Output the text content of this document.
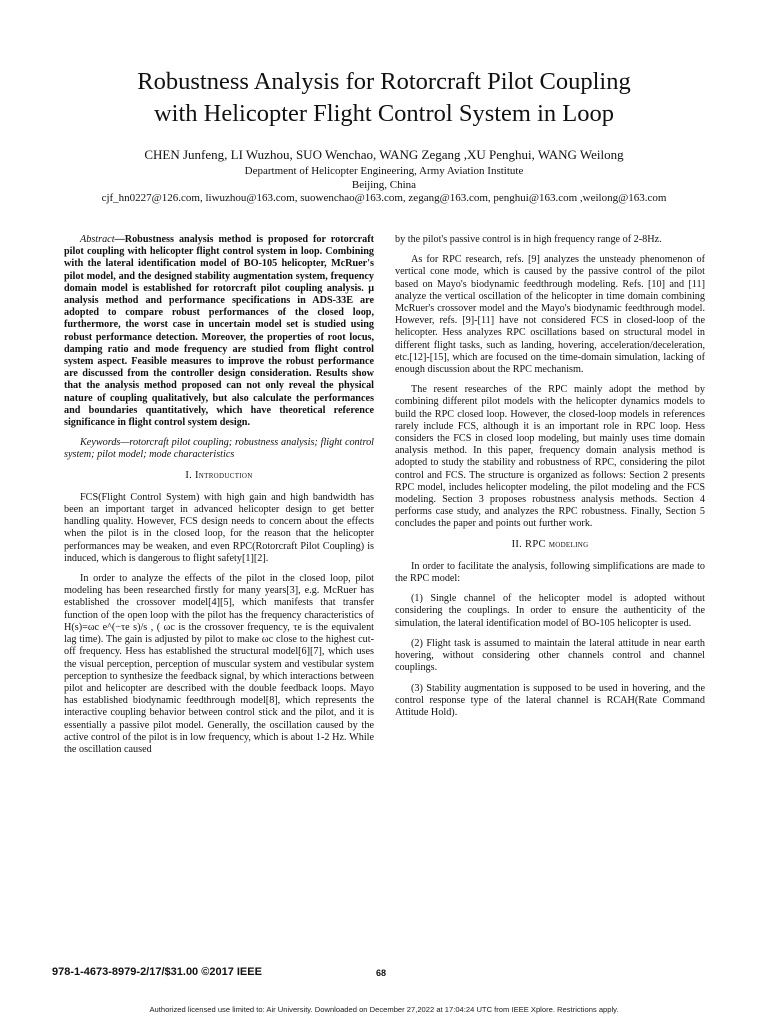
Robustness Analysis for Rotorcraft Pilot Coupling
with Helicopter Flight Control System in Loop
CHEN Junfeng, LI Wuzhou, SUO Wenchao, WANG Zegang ,XU Penghui, WANG Weilong
Department of Helicopter Engineering, Army Aviation Institute
Beijing, China
cjf_hn0227@126.com, liwuzhou@163.com, suowenchao@163.com, zegang@163.com, penghui@163.com ,weilong@163.com

Abstract—Robustness analysis method is proposed for rotorcraft pilot coupling with helicopter flight control system in loop. Combining with the lateral identification model of BO-105 helicopter, McRuer's pilot model, and the designed stability augmentation system, frequency domain model is established for rotorcraft pilot coupling analysis. μ analysis method and performance specifications in ADS-33E are adopted to compare robust performances of the closed loop, furthermore, the worst case in uncertain model set is studied using robust performance detection. Moreover, the properties of root locus, damping ratio and mode frequency are studied from flight control system aspect. Feasible measures to improve the robust performance are discussed from the controller design consideration. Results show that the analysis method proposed can not only reveal the physical nature of coupling qualitatively, but also calculate the performances and boundaries quantitatively, which have theoretical reference significance in flight control system design.

Keywords—rotorcraft pilot coupling; robustness analysis; flight control system; pilot model; mode characteristics

I. Introduction

FCS(Flight Control System) with high gain and high bandwidth has been an important target in advanced helicopter design to get better handling quality. However, FCS design needs to concern about the effects when the pilot is in the closed loop, for the reason that the helicopter performances may be weaken, and even RPC(Rotorcraft Pilot Coupling) is induced, which is dangerous to flight safety[1][2].

In order to analyze the effects of the pilot in the closed loop, pilot modeling has been researched firstly for many years[3], e.g. McRuer has established the crossover model[4][5], which manifests that transfer function of the open loop with the pilot has the frequency characteristics of H(s)=ωc e^(−τe s)/s , ( ωc is the crossover frequency, τe is the equivalent lag time). The gain is adjusted by pilot to make ωc close to the highest cut-off frequency. Hess has established the structural model[6][7], which uses the visual perception, perception of muscular system and vestibular system perception to synthesize the feedback signal, by which interactions between pilot and helicopter are described with the double feedback loops. Mayo has established biodynamic feedthrough model[8], which represents the interactive coupling behavior between control stick and the pilot, and it is essentially a passive pilot model. Generally, the oscillation caused by the active control of the pilot is in low frequency, which is about 1-2 Hz. While the oscillation caused

by the pilot's passive control is in high frequency range of 2-8Hz.

As for RPC research, refs. [9] analyzes the unsteady phenomenon of vertical cone mode, which is caused by the passive control of the pilot based on Mayo's biodynamic feedthrough modeling. Refs. [10] and [11] analyze the vertical oscillation of the helicopter in time domain combining McRuer's crossover model and the Mayo's biodynamic feedthrough model. However, refs. [9]-[11] have not considered FCS in closed-loop of the helicopter. Hess analyzes RPC oscillations based on structural model in different flight tasks, such as landing, hovering, acceleration/deceleration, etc.[12]-[15], which are focused on the time-domain simulation, lacking of enough discussion about the RPC mechanism.

The resent researches of the RPC mainly adopt the method by combining different pilot models with the helicopter dynamics models to build the RPC closed loop. However, the closed-loop models in references rarely include FCS, although it is an important role in RPC loop. Hess considers the FCS in closed loop modeling, but mainly uses time domain analysis method. In this paper, frequency domain analysis method is adopted to study the stability and robustness of RPC, considering the pilot control and FCS. The structure is organized as follows: Section 2 presents RPC model, includes helicopter modeling, the pilot modeling and the FCS modeling. Section 3 proposes robustness analysis methods. Section 4 performs case study, and analyzes the RPC robustness. Finally, Section 5 concludes the paper and points out further work.

II. RPC modeling

In order to facilitate the analysis, following simplifications are made to the RPC model:

(1) Single channel of the helicopter model is adopted without considering the couplings. In order to ensure the authenticity of the simulation, the lateral identification model of BO-105 helicopter is used.

(2) Flight task is assumed to maintain the lateral attitude in near earth hovering, without considering other channels control and channel couplings.

(3) Stability augmentation is supposed to be used in hovering, and the control response type of the lateral channel is RCAH(Rate Command Attitude Hold).

978-1-4673-8979-2/17/$31.00 ©2017 IEEE	68
Authorized licensed use limited to: Air University. Downloaded on December 27,2022 at 17:04:24 UTC from IEEE Xplore. Restrictions apply.
